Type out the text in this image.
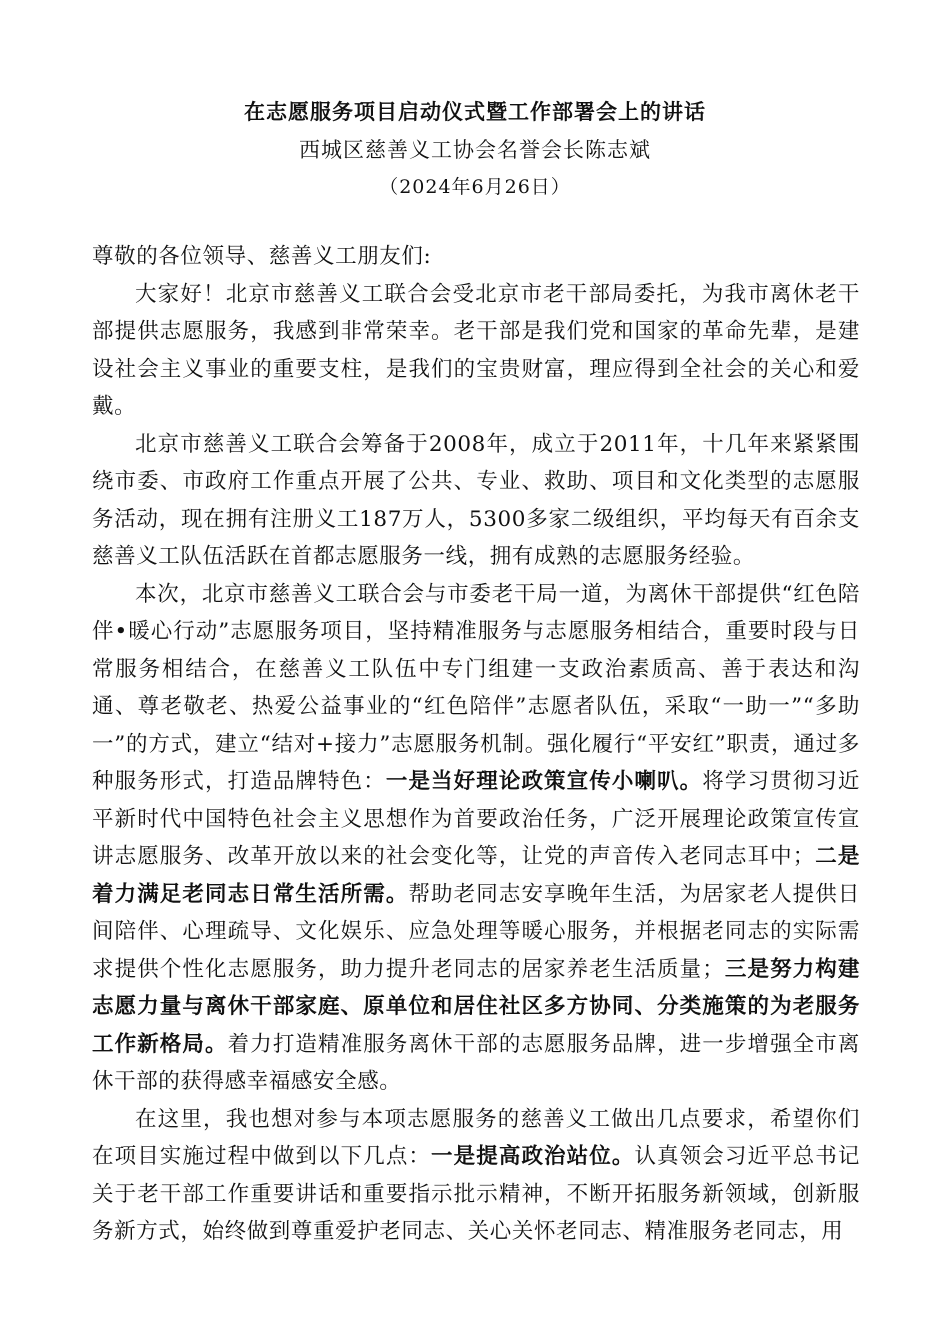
在志愿服务项目启动仪式暨工作部署会上的讲话
西城区慈善义工协会名誉会长陈志斌
（2024年6月26日）

尊敬的各位领导、慈善义工朋友们:

大家好！北京市慈善义工联合会受北京市老干部局委托，为我市离休老干部提供志愿服务，我感到非常荣幸。老干部是我们党和国家的革命先辈，是建设社会主义事业的重要支柱，是我们的宝贵财富，理应得到全社会的关心和爱戴。

北京市慈善义工联合会筹备于2008年，成立于2011年，十几年来紧紧围绕市委、市政府工作重点开展了公共、专业、救助、项目和文化类型的志愿服务活动，现在拥有注册义工187万人，5300多家二级组织，平均每天有百余支慈善义工队伍活跃在首都志愿服务一线，拥有成熟的志愿服务经验。

本次，北京市慈善义工联合会与市委老干局一道，为离休干部提供“红色陪伴•暖心行动”志愿服务项目，坚持精准服务与志愿服务相结合，重要时段与日常服务相结合，在慈善义工队伍中专门组建一支政治素质高、善于表达和沟通、尊老敬老、热爱公益事业的“红色陪伴”志愿者队伍，采取“一助一”“多助一”的方式，建立“结对+接力”志愿服务机制。强化履行“平安红”职责，通过多种服务形式，打造品牌特色：一是当好理论政策宣传小喇叭。将学习贯彻习近平新时代中国特色社会主义思想作为首要政治任务，广泛开展理论政策宣传宣讲志愿服务、改革开放以来的社会变化等，让党的声音传入老同志耳中；二是着力满足老同志日常生活所需。帮助老同志安享晚年生活，为居家老人提供日间陪伴、心理疏导、文化娱乐、应急处理等暖心服务，并根据老同志的实际需求提供个性化志愿服务，助力提升老同志的居家养老生活质量；三是努力构建志愿力量与离休干部家庭、原单位和居住社区多方协同、分类施策的为老服务工作新格局。着力打造精准服务离休干部的志愿服务品牌，进一步增强全市离休干部的获得感幸福感安全感。

在这里，我也想对参与本项志愿服务的慈善义工做出几点要求，希望你们在项目实施过程中做到以下几点：一是提高政治站位。认真领会习近平总书记关于老干部工作重要讲话和重要指示批示精神，不断开拓服务新领域，创新服务新方式，始终做到尊重爱护老同志、关心关怀老同志、精准服务老同志，用
